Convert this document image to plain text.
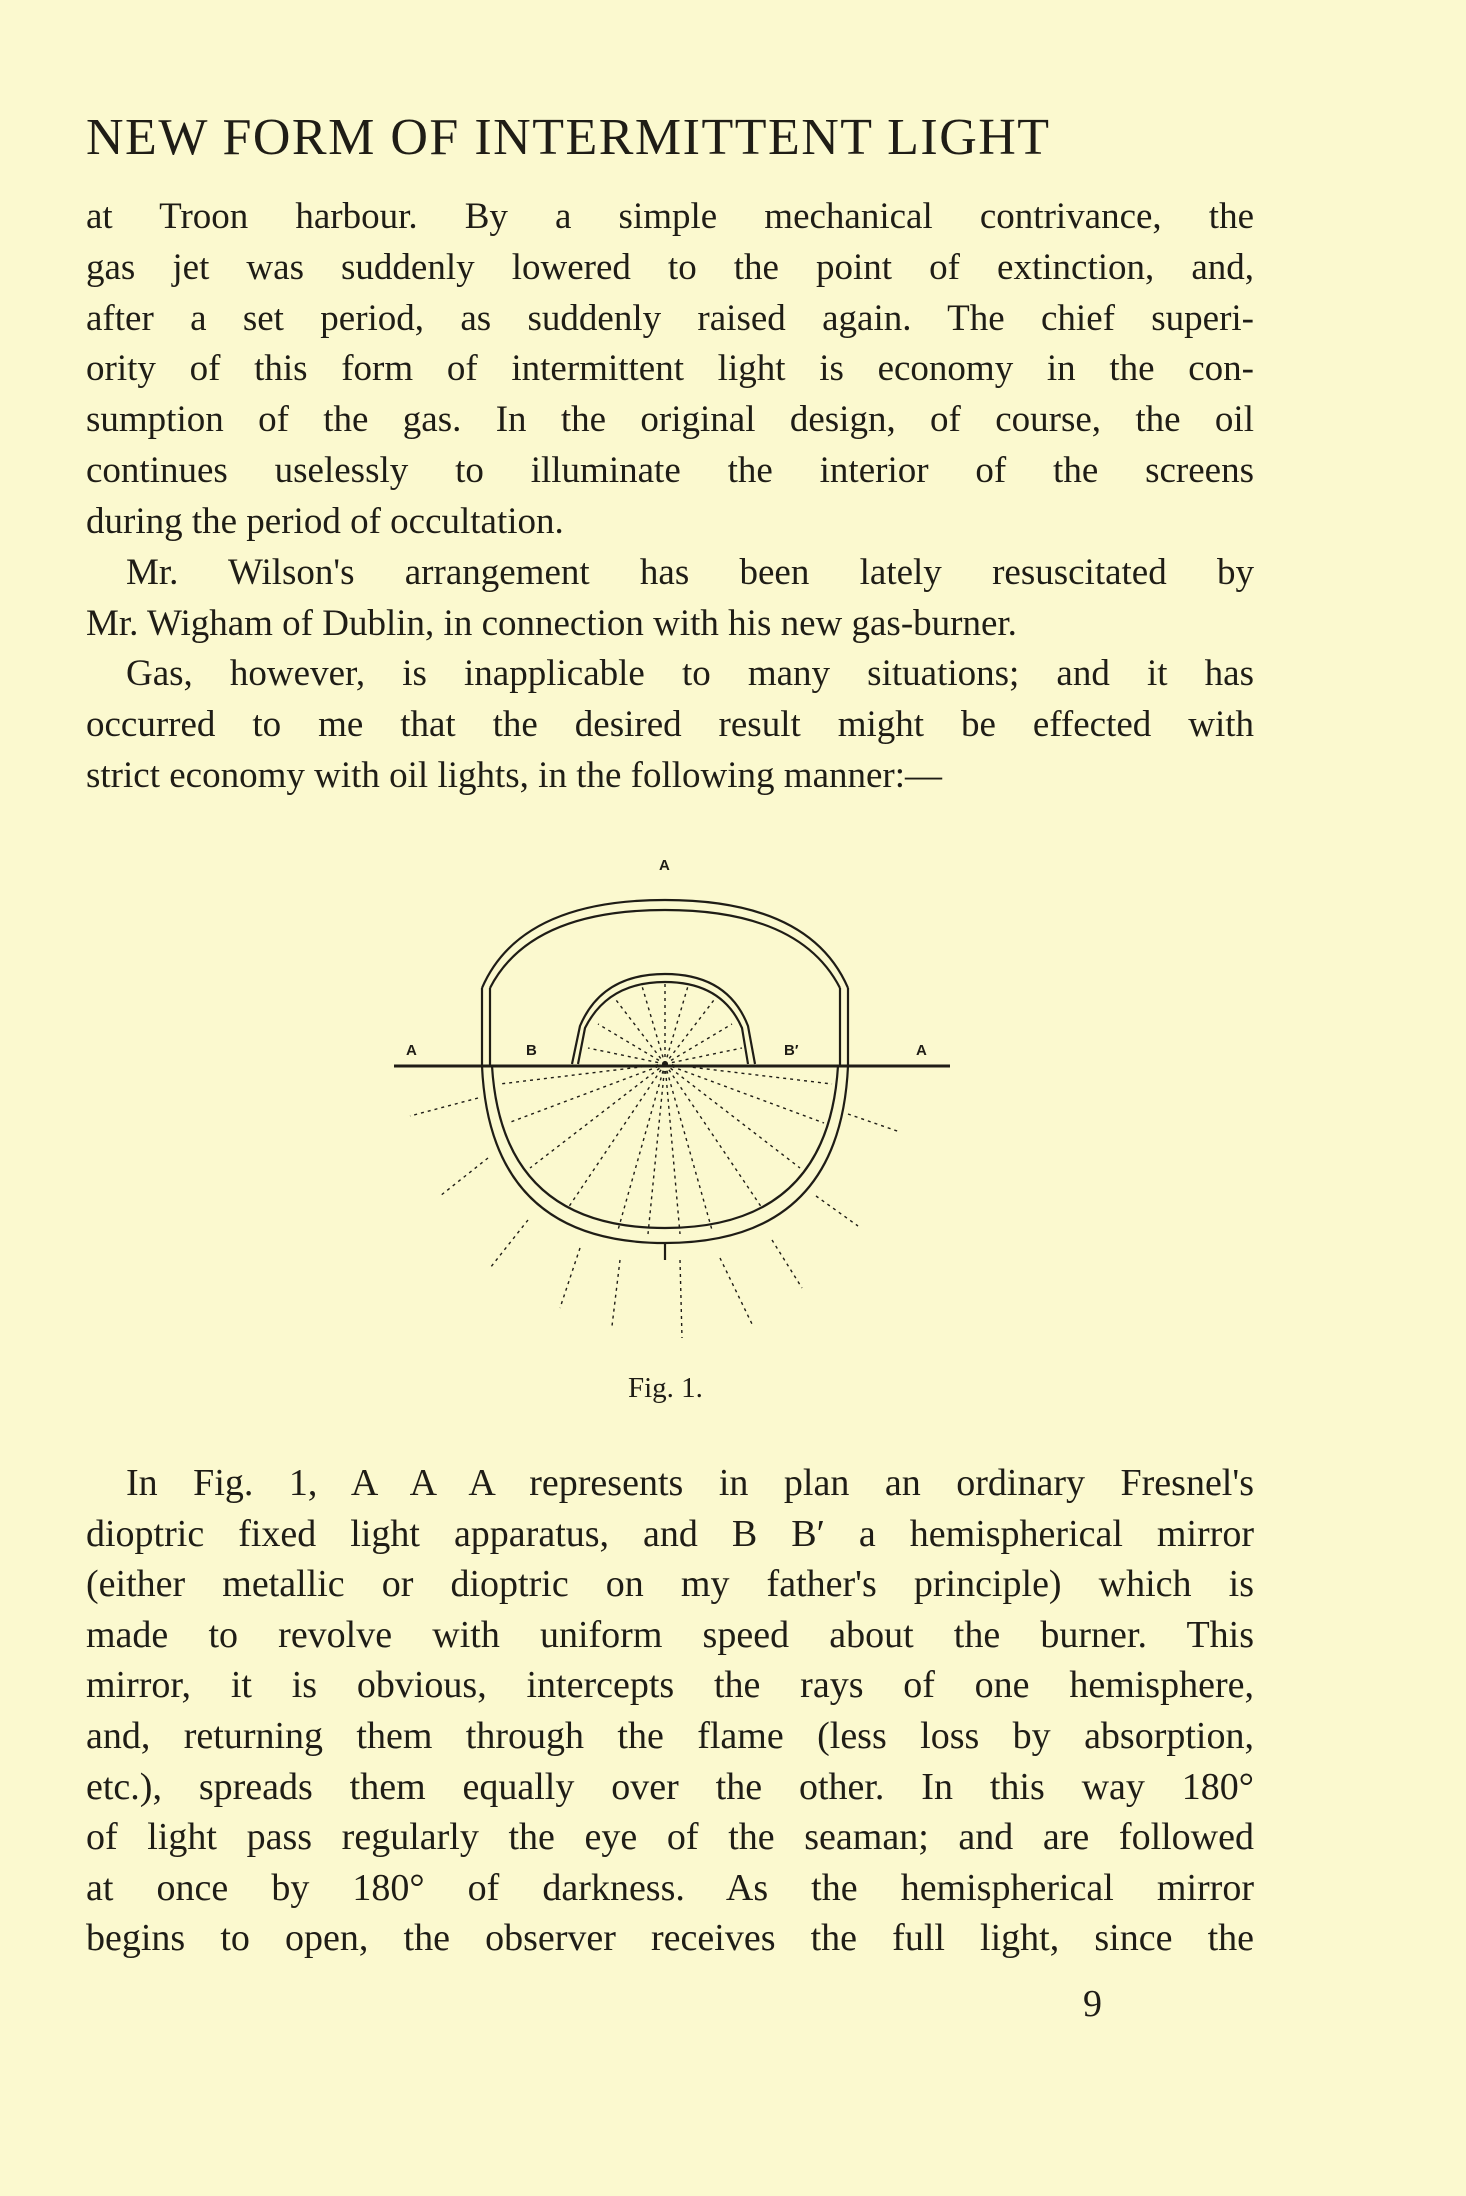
NEW FORM OF INTERMITTENT LIGHT
at Troon harbour. By a simple mechanical contrivance, the
gas jet was suddenly lowered to the point of extinction, and,
after a set period, as suddenly raised again. The chief superi-
ority of this form of intermittent light is economy in the con-
sumption of the gas. In the original design, of course, the oil
continues uselessly to illuminate the interior of the screens
during the period of occultation.
Mr. Wilson's arrangement has been lately resuscitated by
Mr. Wigham of Dublin, in connection with his new gas-burner.
Gas, however, is inapplicable to many situations; and it has
occurred to me that the desired result might be effected with
strict economy with oil lights, in the following manner:—
A
A	A
B	B′
Fig. 1.
In Fig. 1, A A A represents in plan an ordinary Fresnel's
dioptric fixed light apparatus, and B B′ a hemispherical mirror
(either metallic or dioptric on my father's principle) which is
made to revolve with uniform speed about the burner. This
mirror, it is obvious, intercepts the rays of one hemisphere,
and, returning them through the flame (less loss by absorption,
etc.), spreads them equally over the other. In this way 180°
of light pass regularly the eye of the seaman; and are followed
at once by 180° of darkness. As the hemispherical mirror
begins to open, the observer receives the full light, since the
9
